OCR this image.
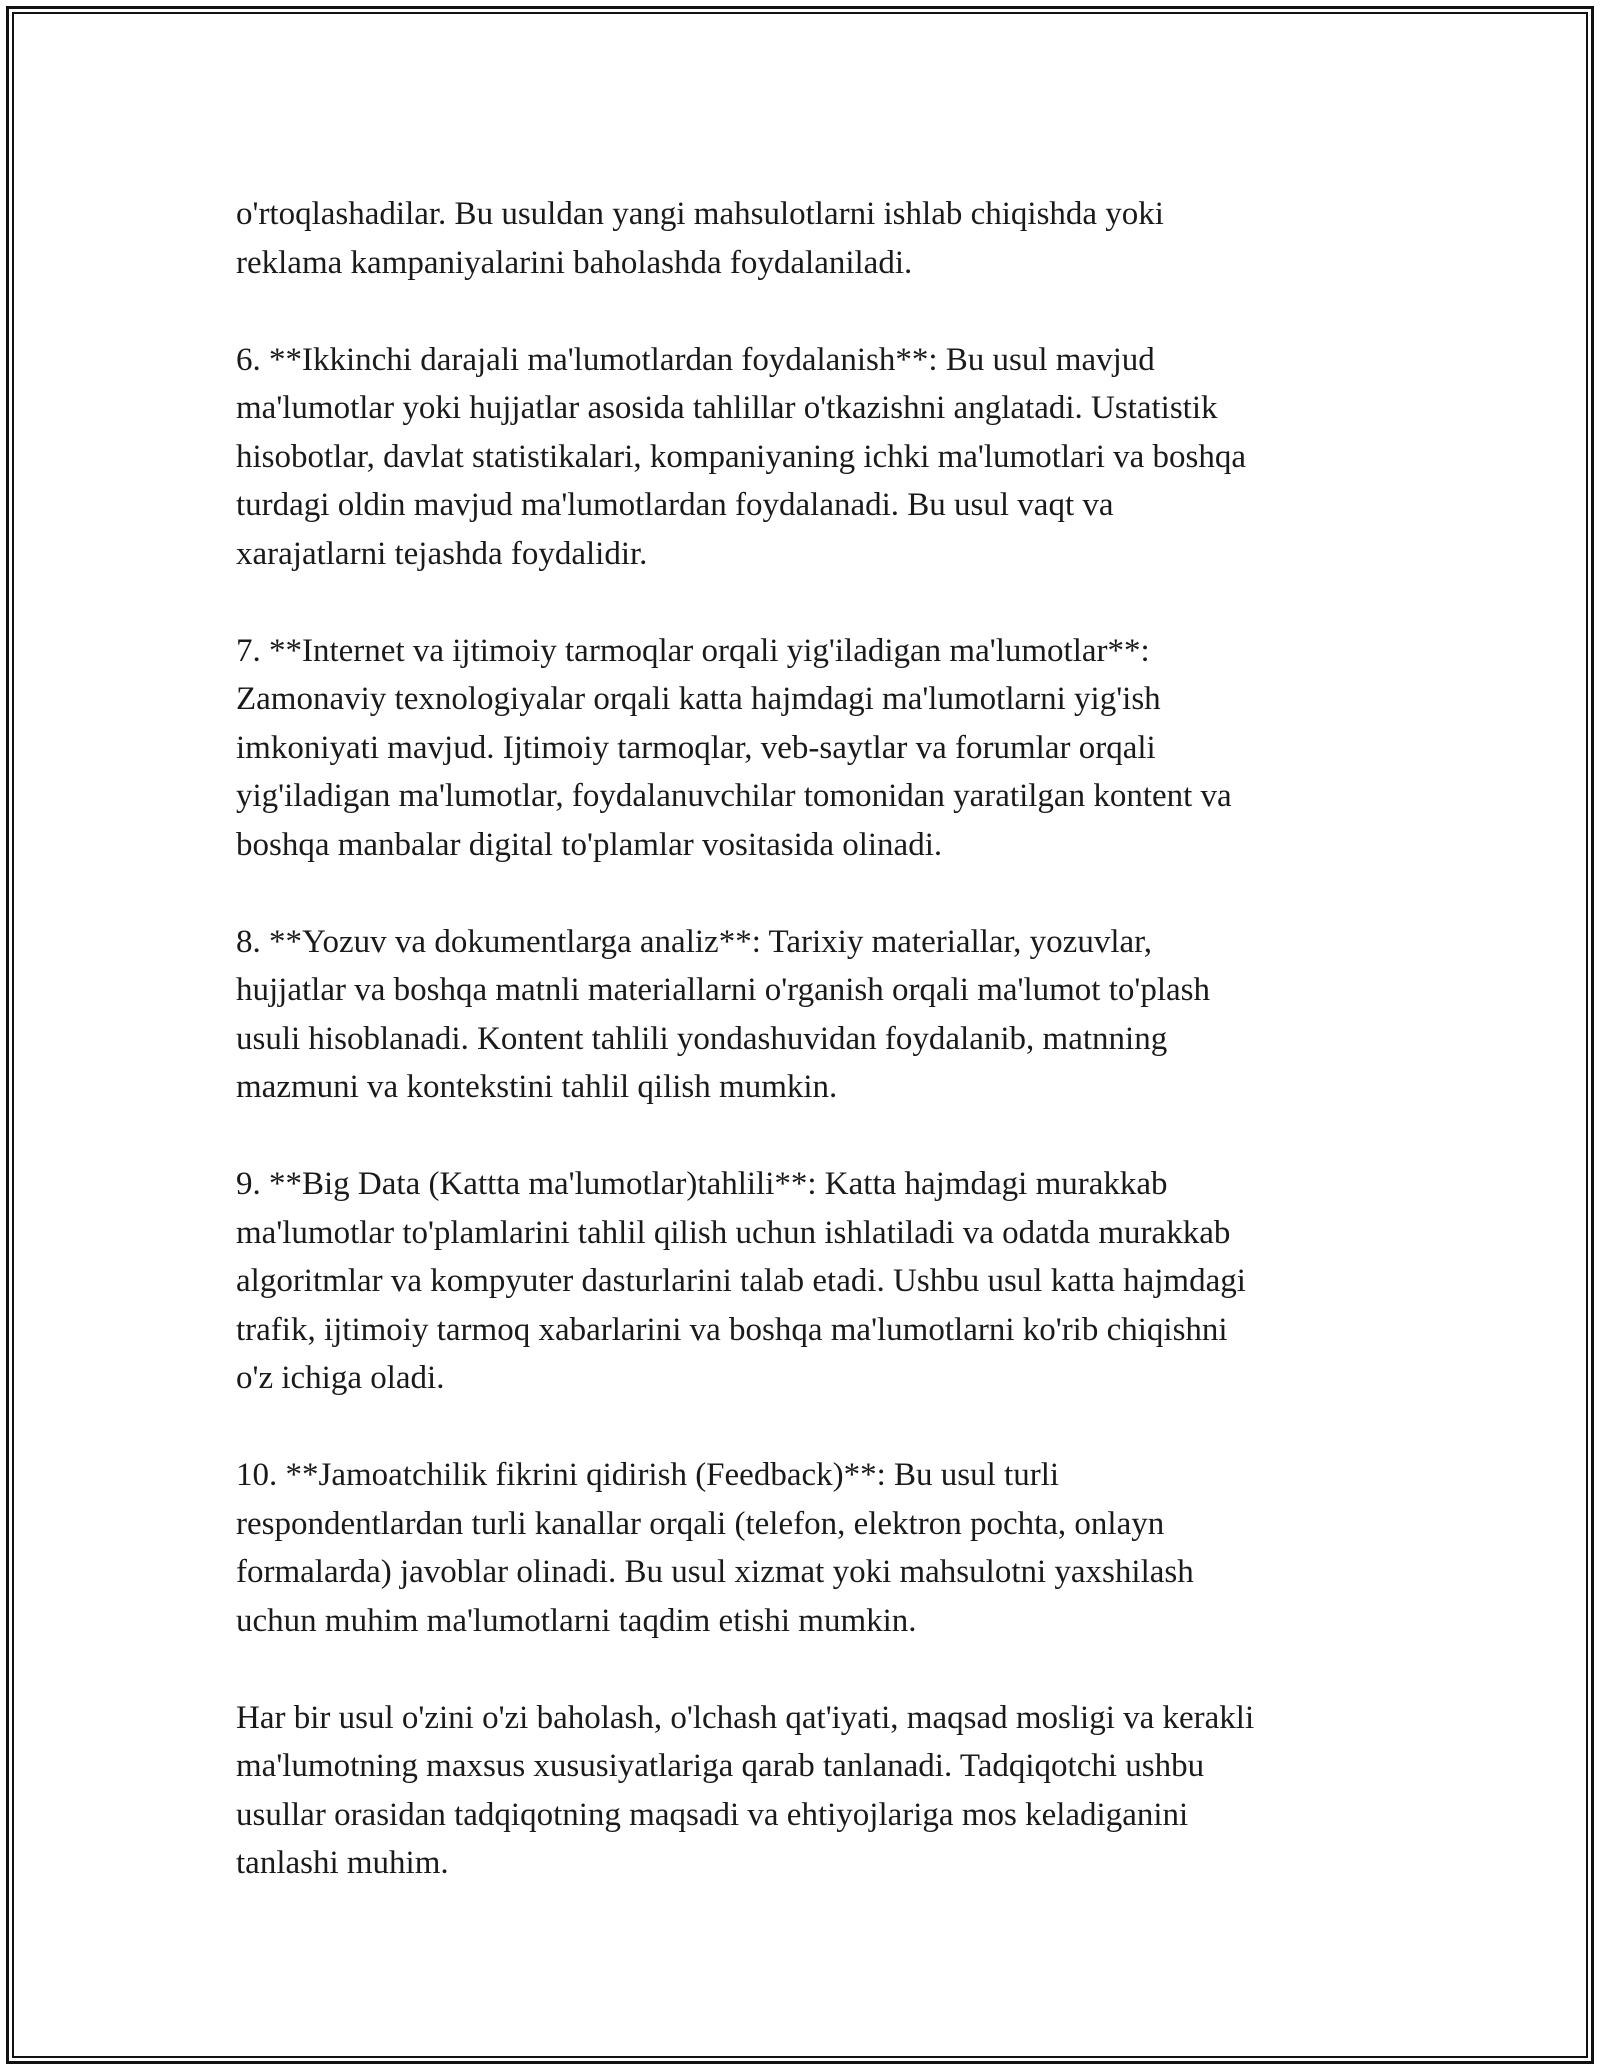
o'rtoqlashadilar. Bu usuldan yangi mahsulotlarni ishlab chiqishda yoki
reklama kampaniyalarini baholashda foydalaniladi.

6. **Ikkinchi darajali ma'lumotlardan foydalanish**: Bu usul mavjud
ma'lumotlar yoki hujjatlar asosida tahlillar o'tkazishni anglatadi. Ustatistik
hisobotlar, davlat statistikalari, kompaniyaning ichki ma'lumotlari va boshqa
turdagi oldin mavjud ma'lumotlardan foydalanadi. Bu usul vaqt va
xarajatlarni tejashda foydalidir.

7. **Internet va ijtimoiy tarmoqlar orqali yig'iladigan ma'lumotlar**:
Zamonaviy texnologiyalar orqali katta hajmdagi ma'lumotlarni yig'ish
imkoniyati mavjud. Ijtimoiy tarmoqlar, veb-saytlar va forumlar orqali
yig'iladigan ma'lumotlar, foydalanuvchilar tomonidan yaratilgan kontent va
boshqa manbalar digital to'plamlar vositasida olinadi.

8. **Yozuv va dokumentlarga analiz**: Tarixiy materiallar, yozuvlar,
hujjatlar va boshqa matnli materiallarni o'rganish orqali ma'lumot to'plash
usuli hisoblanadi. Kontent tahlili yondashuvidan foydalanib, matnning
mazmuni va kontekstini tahlil qilish mumkin.

9. **Big Data (Kattta ma'lumotlar)tahlili**: Katta hajmdagi murakkab
ma'lumotlar to'plamlarini tahlil qilish uchun ishlatiladi va odatda murakkab
algoritmlar va kompyuter dasturlarini talab etadi. Ushbu usul katta hajmdagi
trafik, ijtimoiy tarmoq xabarlarini va boshqa ma'lumotlarni ko'rib chiqishni
o'z ichiga oladi.

10. **Jamoatchilik fikrini qidirish (Feedback)**: Bu usul turli
respondentlardan turli kanallar orqali (telefon, elektron pochta, onlayn
formalarda) javoblar olinadi. Bu usul xizmat yoki mahsulotni yaxshilash
uchun muhim ma'lumotlarni taqdim etishi mumkin.

Har bir usul o'zini o'zi baholash, o'lchash qat'iyati, maqsad mosligi va kerakli
ma'lumotning maxsus xususiyatlariga qarab tanlanadi. Tadqiqotchi ushbu
usullar orasidan tadqiqotning maqsadi va ehtiyojlariga mos keladiganini
tanlashi muhim.
